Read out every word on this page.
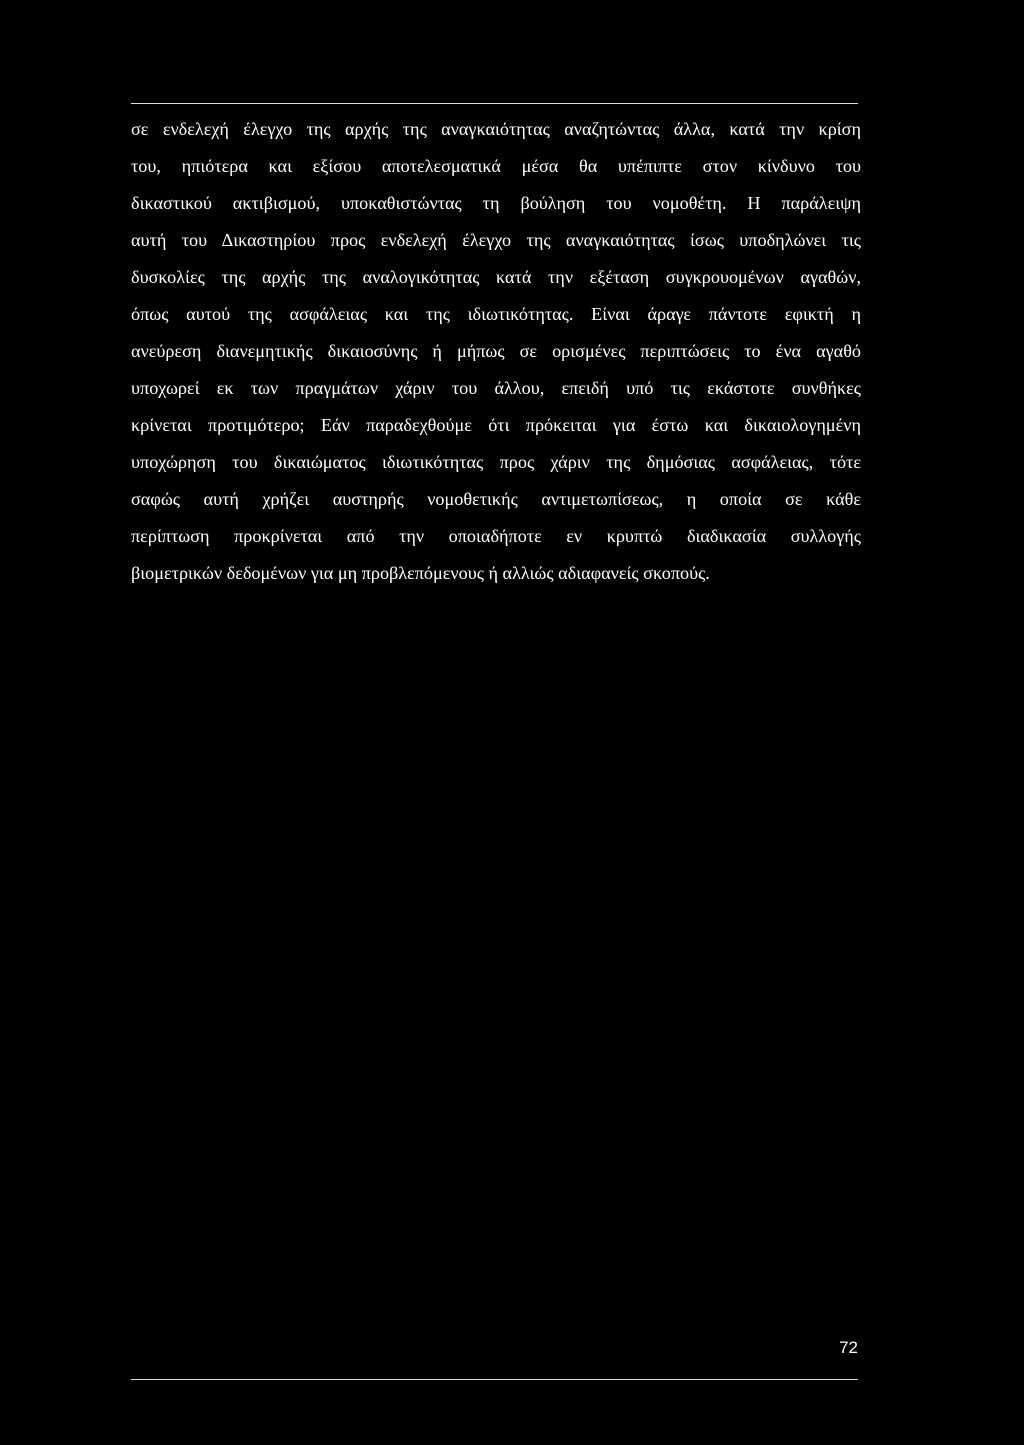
σε ενδελεχή έλεγχο της αρχής της αναγκαιότητας αναζητώντας άλλα, κατά την κρίση
του, ηπιότερα και εξίσου αποτελεσματικά μέσα θα υπέπιπτε στον κίνδυνο του
δικαστικού ακτιβισμού, υποκαθιστώντας τη βούληση του νομοθέτη. Η παράλειψη
αυτή του Δικαστηρίου προς ενδελεχή έλεγχο της αναγκαιότητας ίσως υποδηλώνει τις
δυσκολίες της αρχής της αναλογικότητας κατά την εξέταση συγκρουομένων αγαθών,
όπως αυτού της ασφάλειας και της ιδιωτικότητας. Είναι άραγε πάντοτε εφικτή η
ανεύρεση διανεμητικής δικαιοσύνης ή μήπως σε ορισμένες περιπτώσεις το ένα αγαθό
υποχωρεί εκ των πραγμάτων χάριν του άλλου, επειδή υπό τις εκάστοτε συνθήκες
κρίνεται προτιμότερο; Εάν παραδεχθούμε ότι πρόκειται για έστω και δικαιολογημένη
υποχώρηση του δικαιώματος ιδιωτικότητας προς χάριν της δημόσιας ασφάλειας, τότε
σαφώς αυτή χρήζει αυστηρής νομοθετικής αντιμετωπίσεως, η οποία σε κάθε
περίπτωση προκρίνεται από την οποιαδήποτε εν κρυπτώ διαδικασία συλλογής
βιομετρικών δεδομένων για μη προβλεπόμενους ή αλλιώς αδιαφανείς σκοπούς.

72
